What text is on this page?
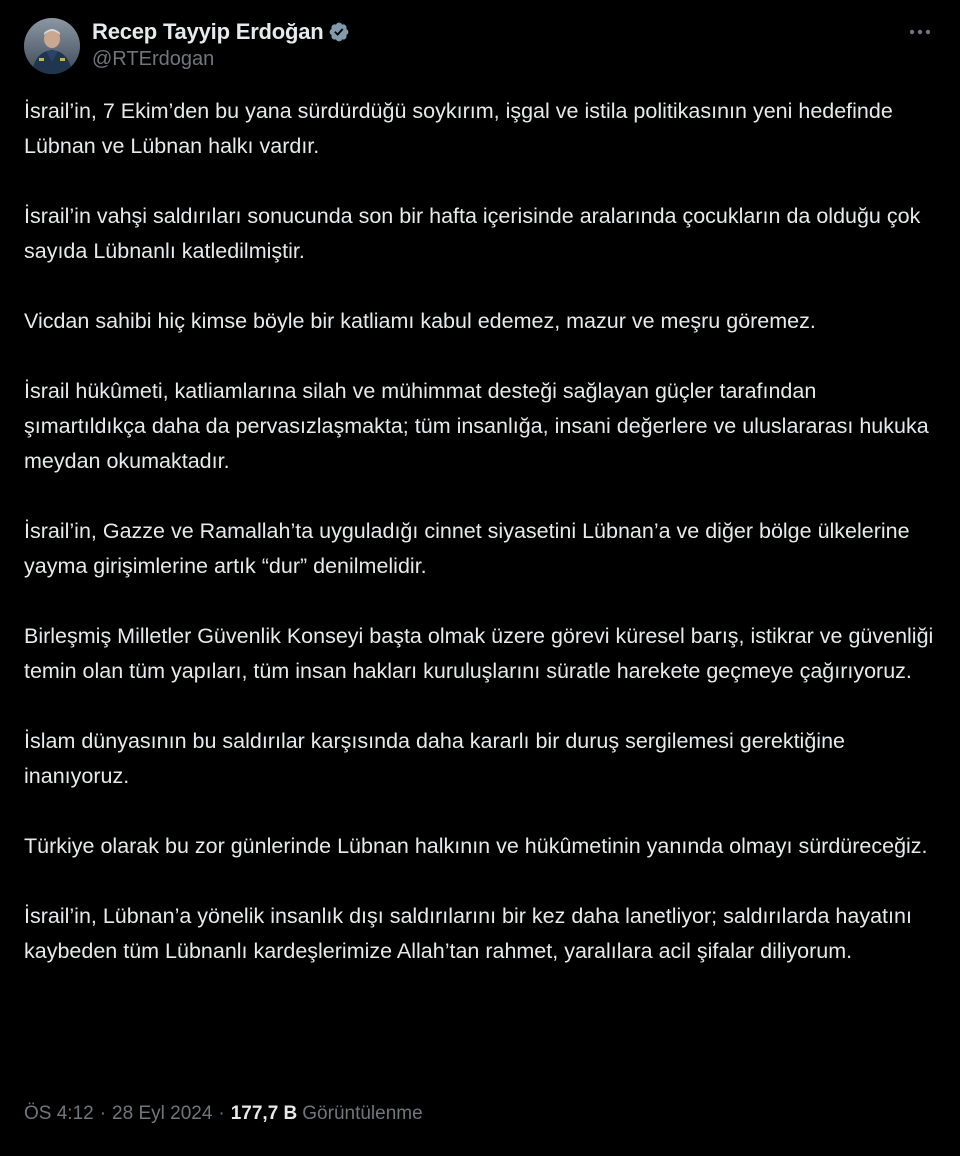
Recep Tayyip Erdoğan
@RTErdogan

İsrail’in, 7 Ekim’den bu yana sürdürdüğü soykırım, işgal ve istila politikasının yeni hedefinde Lübnan ve Lübnan halkı vardır.

İsrail’in vahşi saldırıları sonucunda son bir hafta içerisinde aralarında çocukların da olduğu çok sayıda Lübnanlı katledilmiştir.

Vicdan sahibi hiç kimse böyle bir katliamı kabul edemez, mazur ve meşru göremez.

İsrail hükûmeti, katliamlarına silah ve mühimmat desteği sağlayan güçler tarafından şımartıldıkça daha da pervasızlaşmakta; tüm insanlığa, insani değerlere ve uluslararası hukuka meydan okumaktadır.

İsrail’in, Gazze ve Ramallah’ta uyguladığı cinnet siyasetini Lübnan’a ve diğer bölge ülkelerine yayma girişimlerine artık “dur” denilmelidir.

Birleşmiş Milletler Güvenlik Konseyi başta olmak üzere görevi küresel barış, istikrar ve güvenliği temin olan tüm yapıları, tüm insan hakları kuruluşlarını süratle harekete geçmeye çağırıyoruz.

İslam dünyasının bu saldırılar karşısında daha kararlı bir duruş sergilemesi gerektiğine inanıyoruz.

Türkiye olarak bu zor günlerinde Lübnan halkının ve hükûmetinin yanında olmayı sürdüreceğiz.

İsrail’in, Lübnan’a yönelik insanlık dışı saldırılarını bir kez daha lanetliyor; saldırılarda hayatını kaybeden tüm Lübnanlı kardeşlerimize Allah’tan rahmet, yaralılara acil şifalar diliyorum.

ÖS 4:12 · 28 Eyl 2024 · 177,7 B Görüntülenme
